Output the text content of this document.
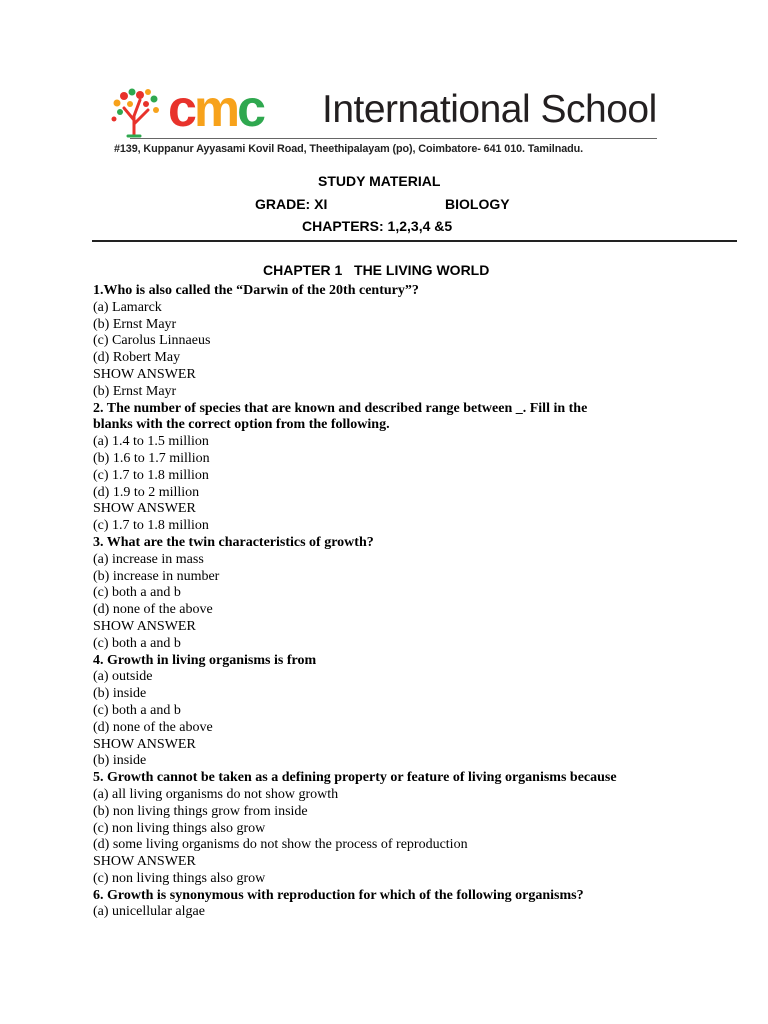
cmc International School
#139, Kuppanur Ayyasami Kovil Road, Theethipalayam (po), Coimbatore- 641 010. Tamilnadu.
STUDY MATERIAL
GRADE: XI	BIOLOGY
CHAPTERS: 1,2,3,4 &5
CHAPTER 1   THE LIVING WORLD
1.Who is also called the “Darwin of the 20th century”?
(a) Lamarck
(b) Ernst Mayr
(c) Carolus Linnaeus
(d) Robert May
SHOW ANSWER
(b) Ernst Mayr
2. The number of species that are known and described range between _. Fill in the
blanks with the correct option from the following.
(a) 1.4 to 1.5 million
(b) 1.6 to 1.7 million
(c) 1.7 to 1.8 million
(d) 1.9 to 2 million
SHOW ANSWER
(c) 1.7 to 1.8 million
3. What are the twin characteristics of growth?
(a) increase in mass
(b) increase in number
(c) both a and b
(d) none of the above
SHOW ANSWER
(c) both a and b
4. Growth in living organisms is from
(a) outside
(b) inside
(c) both a and b
(d) none of the above
SHOW ANSWER
(b) inside
5. Growth cannot be taken as a defining property or feature of living organisms because
(a) all living organisms do not show growth
(b) non living things grow from inside
(c) non living things also grow
(d) some living organisms do not show the process of reproduction
SHOW ANSWER
(c) non living things also grow
6. Growth is synonymous with reproduction for which of the following organisms?
(a) unicellular algae
